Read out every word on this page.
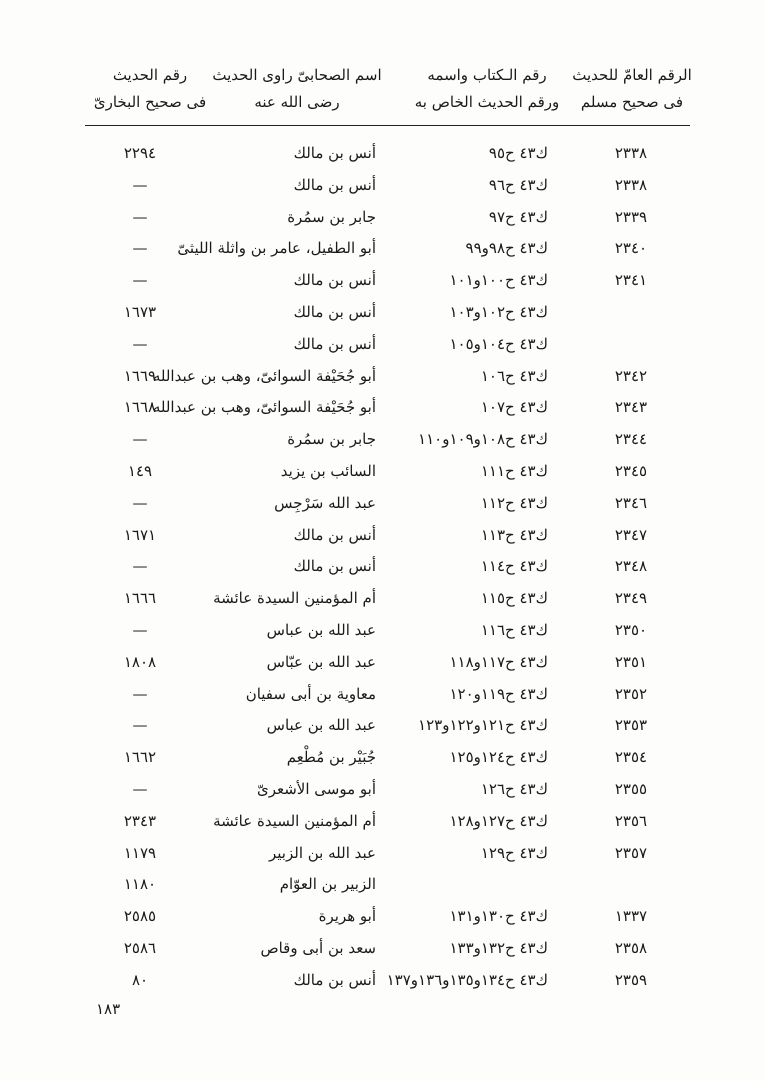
الرقم العامّ للحديث
فى صحيح مسلم
رقم الـكتاب واسمه
ورقم الحديث الخاص به
اسم الصحابىّ راوى الحديث
رضى الله عنه
رقم الحديث
فى صحيح البخارىّ
٢٣٣٨
ك٤٣ ح٩٥
أنس بن مالك
٢٢٩٤
٢٣٣٨
ك٤٣ ح٩٦
أنس بن مالك
—
٢٣٣٩
ك٤٣ ح٩٧
جابر بن سمُرة
—
٢٣٤٠
ك٤٣ ح٩٨و٩٩
أبو الطفيل، عامر بن واثلة الليثىّ
—
٢٣٤١
ك٤٣ ح١٠٠و١٠١
أنس بن مالك
—
ك٤٣ ح١٠٢و١٠٣
أنس بن مالك
١٦٧٣
ك٤٣ ح١٠٤و١٠٥
أنس بن مالك
—
٢٣٤٢
ك٤٣ ح١٠٦
أبو جُحَيْفة السوائىّ، وهب بن عبدالله
١٦٦٩
٢٣٤٣
ك٤٣ ح١٠٧
أبو جُحَيْفة السوائىّ، وهب بن عبدالله
١٦٦٨
٢٣٤٤
ك٤٣ ح١٠٨و١٠٩و١١٠
جابر بن سمُرة
—
٢٣٤٥
ك٤٣ ح١١١
السائب بن يزيد
١٤٩
٢٣٤٦
ك٤٣ ح١١٢
عبد الله سَرْجِس
—
٢٣٤٧
ك٤٣ ح١١٣
أنس بن مالك
١٦٧١
٢٣٤٨
ك٤٣ ح١١٤
أنس بن مالك
—
٢٣٤٩
ك٤٣ ح١١٥
أم المؤمنين السيدة عائشة
١٦٦٦
٢٣٥٠
ك٤٣ ح١١٦
عبد الله بن عباس
—
٢٣٥١
ك٤٣ ح١١٧و١١٨
عبد الله بن عبّاس
١٨٠٨
٢٣٥٢
ك٤٣ ح١١٩و١٢٠
معاوية بن أبى سفيان
—
٢٣٥٣
ك٤٣ ح١٢١و١٢٢و١٢٣
عبد الله بن عباس
—
٢٣٥٤
ك٤٣ ح١٢٤و١٢٥
جُبَيْر بن مُطْعِم
١٦٦٢
٢٣٥٥
ك٤٣ ح١٢٦
أبو موسى الأشعرىّ
—
٢٣٥٦
ك٤٣ ح١٢٧و١٢٨
أم المؤمنين السيدة عائشة
٢٣٤٣
٢٣٥٧
ك٤٣ ح١٢٩
عبد الله بن الزبير
١١٧٩
الزبير بن العوّام
١١٨٠
١٣٣٧
ك٤٣ ح١٣٠و١٣١
أبو هريرة
٢٥٨٥
٢٣٥٨
ك٤٣ ح١٣٢و١٣٣
سعد بن أبى وقاص
٢٥٨٦
٢٣٥٩
ك٤٣ ح١٣٤و١٣٥و١٣٦و١٣٧
أنس بن مالك
٨٠
١٨٣
